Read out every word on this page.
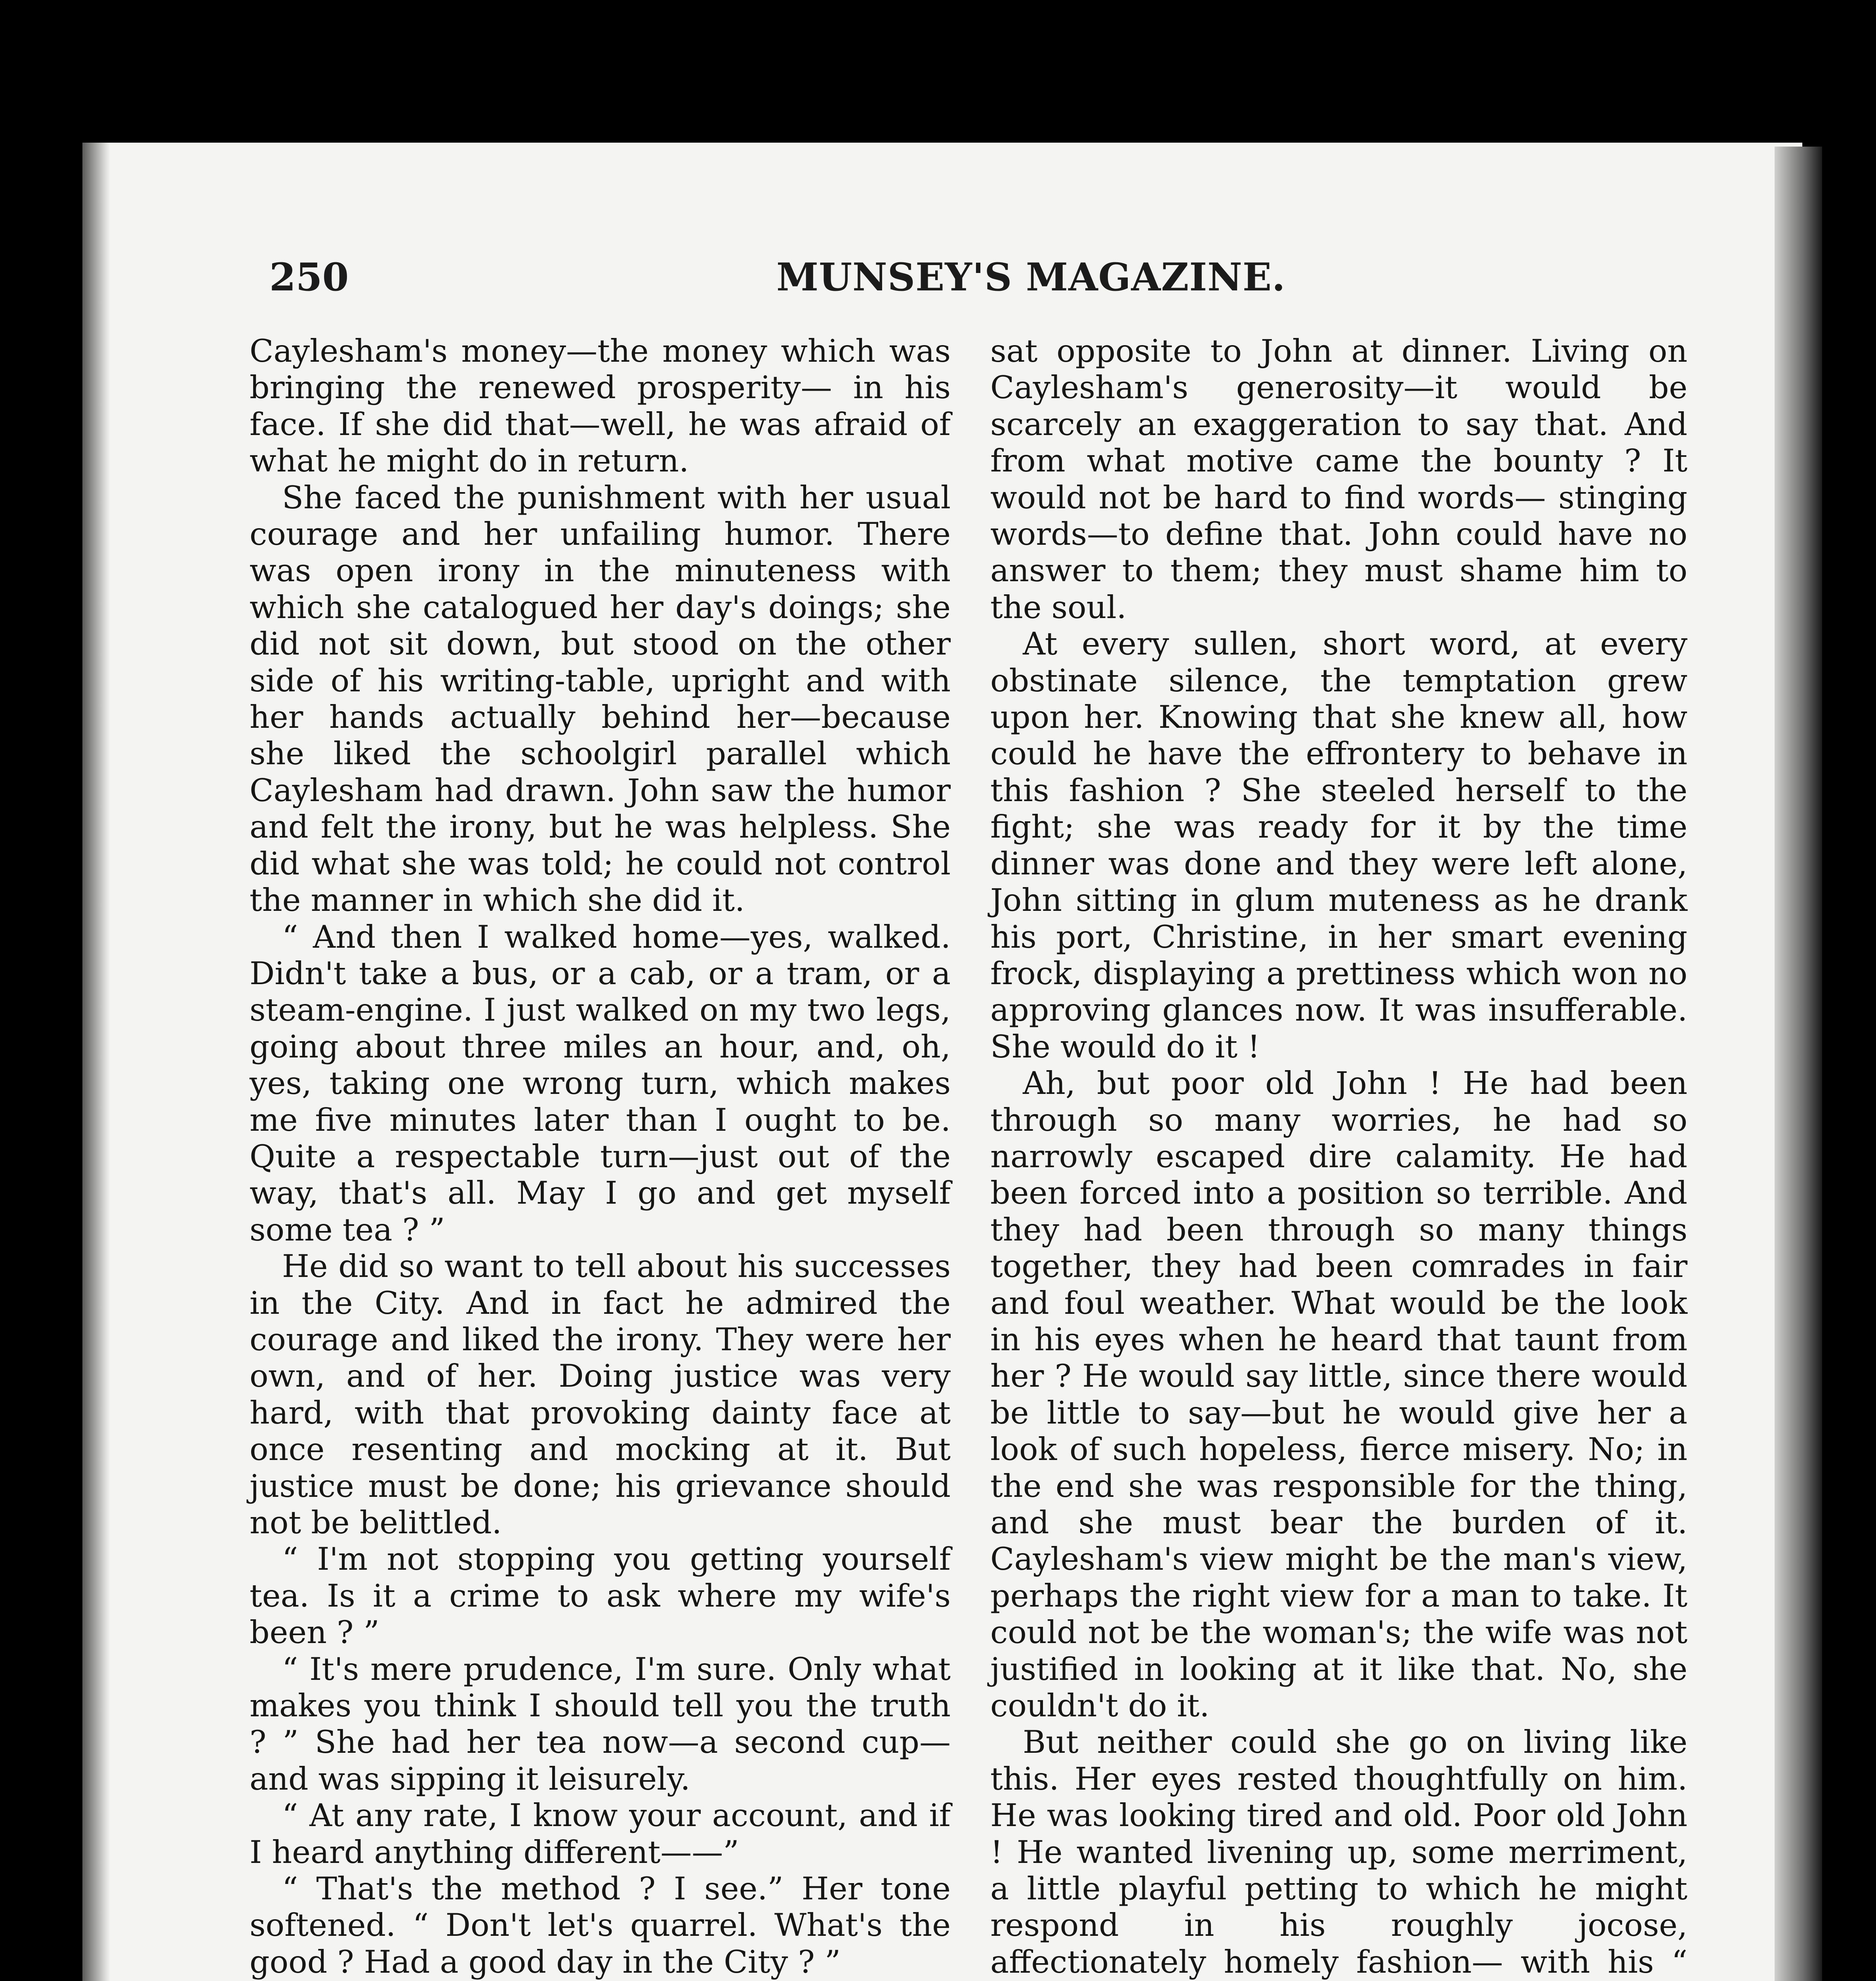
250	MUNSEY'S MAGAZINE.

Caylesham's money—the money which was bringing the renewed prosperity— in his face. If she did that—well, he was afraid of what he might do in return.

She faced the punishment with her usual courage and her unfailing humor. There was open irony in the minuteness with which she catalogued her day's doings; she did not sit down, but stood on the other side of his writing-table, upright and with her hands actually behind her—because she liked the schoolgirl parallel which Caylesham had drawn. John saw the humor and felt the irony, but he was helpless. She did what she was told; he could not control the manner in which she did it.

“ And then I walked home—yes, walked. Didn't take a bus, or a cab, or a tram, or a steam-engine. I just walked on my two legs, going about three miles an hour, and, oh, yes, taking one wrong turn, which makes me five minutes later than I ought to be. Quite a respectable turn—just out of the way, that's all. May I go and get myself some tea ? ”

He did so want to tell about his successes in the City. And in fact he admired the courage and liked the irony. They were her own, and of her. Doing justice was very hard, with that provoking dainty face at once resenting and mocking at it. But justice must be done; his grievance should not be belittled.

“ I'm not stopping you getting yourself tea. Is it a crime to ask where my wife's been ? ”

“ It's mere prudence, I'm sure. Only what makes you think I should tell you the truth ? ” She had her tea now—a second cup—and was sipping it leisurely.

“ At any rate, I know your account, and if I heard anything different——”

“ That's the method ? I see.” Her tone softened. “ Don't let's quarrel. What's the good ? Had a good day in the City ? ”

sat opposite to John at dinner. Living on Caylesham's generosity—it would be scarcely an exaggeration to say that. And from what motive came the bounty ? It would not be hard to find words— stinging words—to define that. John could have no answer to them; they must shame him to the soul.

At every sullen, short word, at every obstinate silence, the temptation grew upon her. Knowing that she knew all, how could he have the effrontery to behave in this fashion ? She steeled herself to the fight; she was ready for it by the time dinner was done and they were left alone, John sitting in glum muteness as he drank his port, Christine, in her smart evening frock, displaying a prettiness which won no approving glances now. It was insufferable. She would do it !

Ah, but poor old John ! He had been through so many worries, he had so narrowly escaped dire calamity. He had been forced into a position so terrible. And they had been through so many things together, they had been comrades in fair and foul weather. What would be the look in his eyes when he heard that taunt from her ? He would say little, since there would be little to say—but he would give her a look of such hopeless, fierce misery. No; in the end she was responsible for the thing, and she must bear the burden of it. Caylesham's view might be the man's view, perhaps the right view for a man to take. It could not be the woman's; the wife was not justified in looking at it like that. No, she couldn't do it.

But neither could she go on living like this. Her eyes rested thoughtfully on him. He was looking tired and old. Poor old John ! He wanted livening up, some merriment, a little playful petting to which he might respond in his roughly jocose, affectionately homely fashion— with his “
